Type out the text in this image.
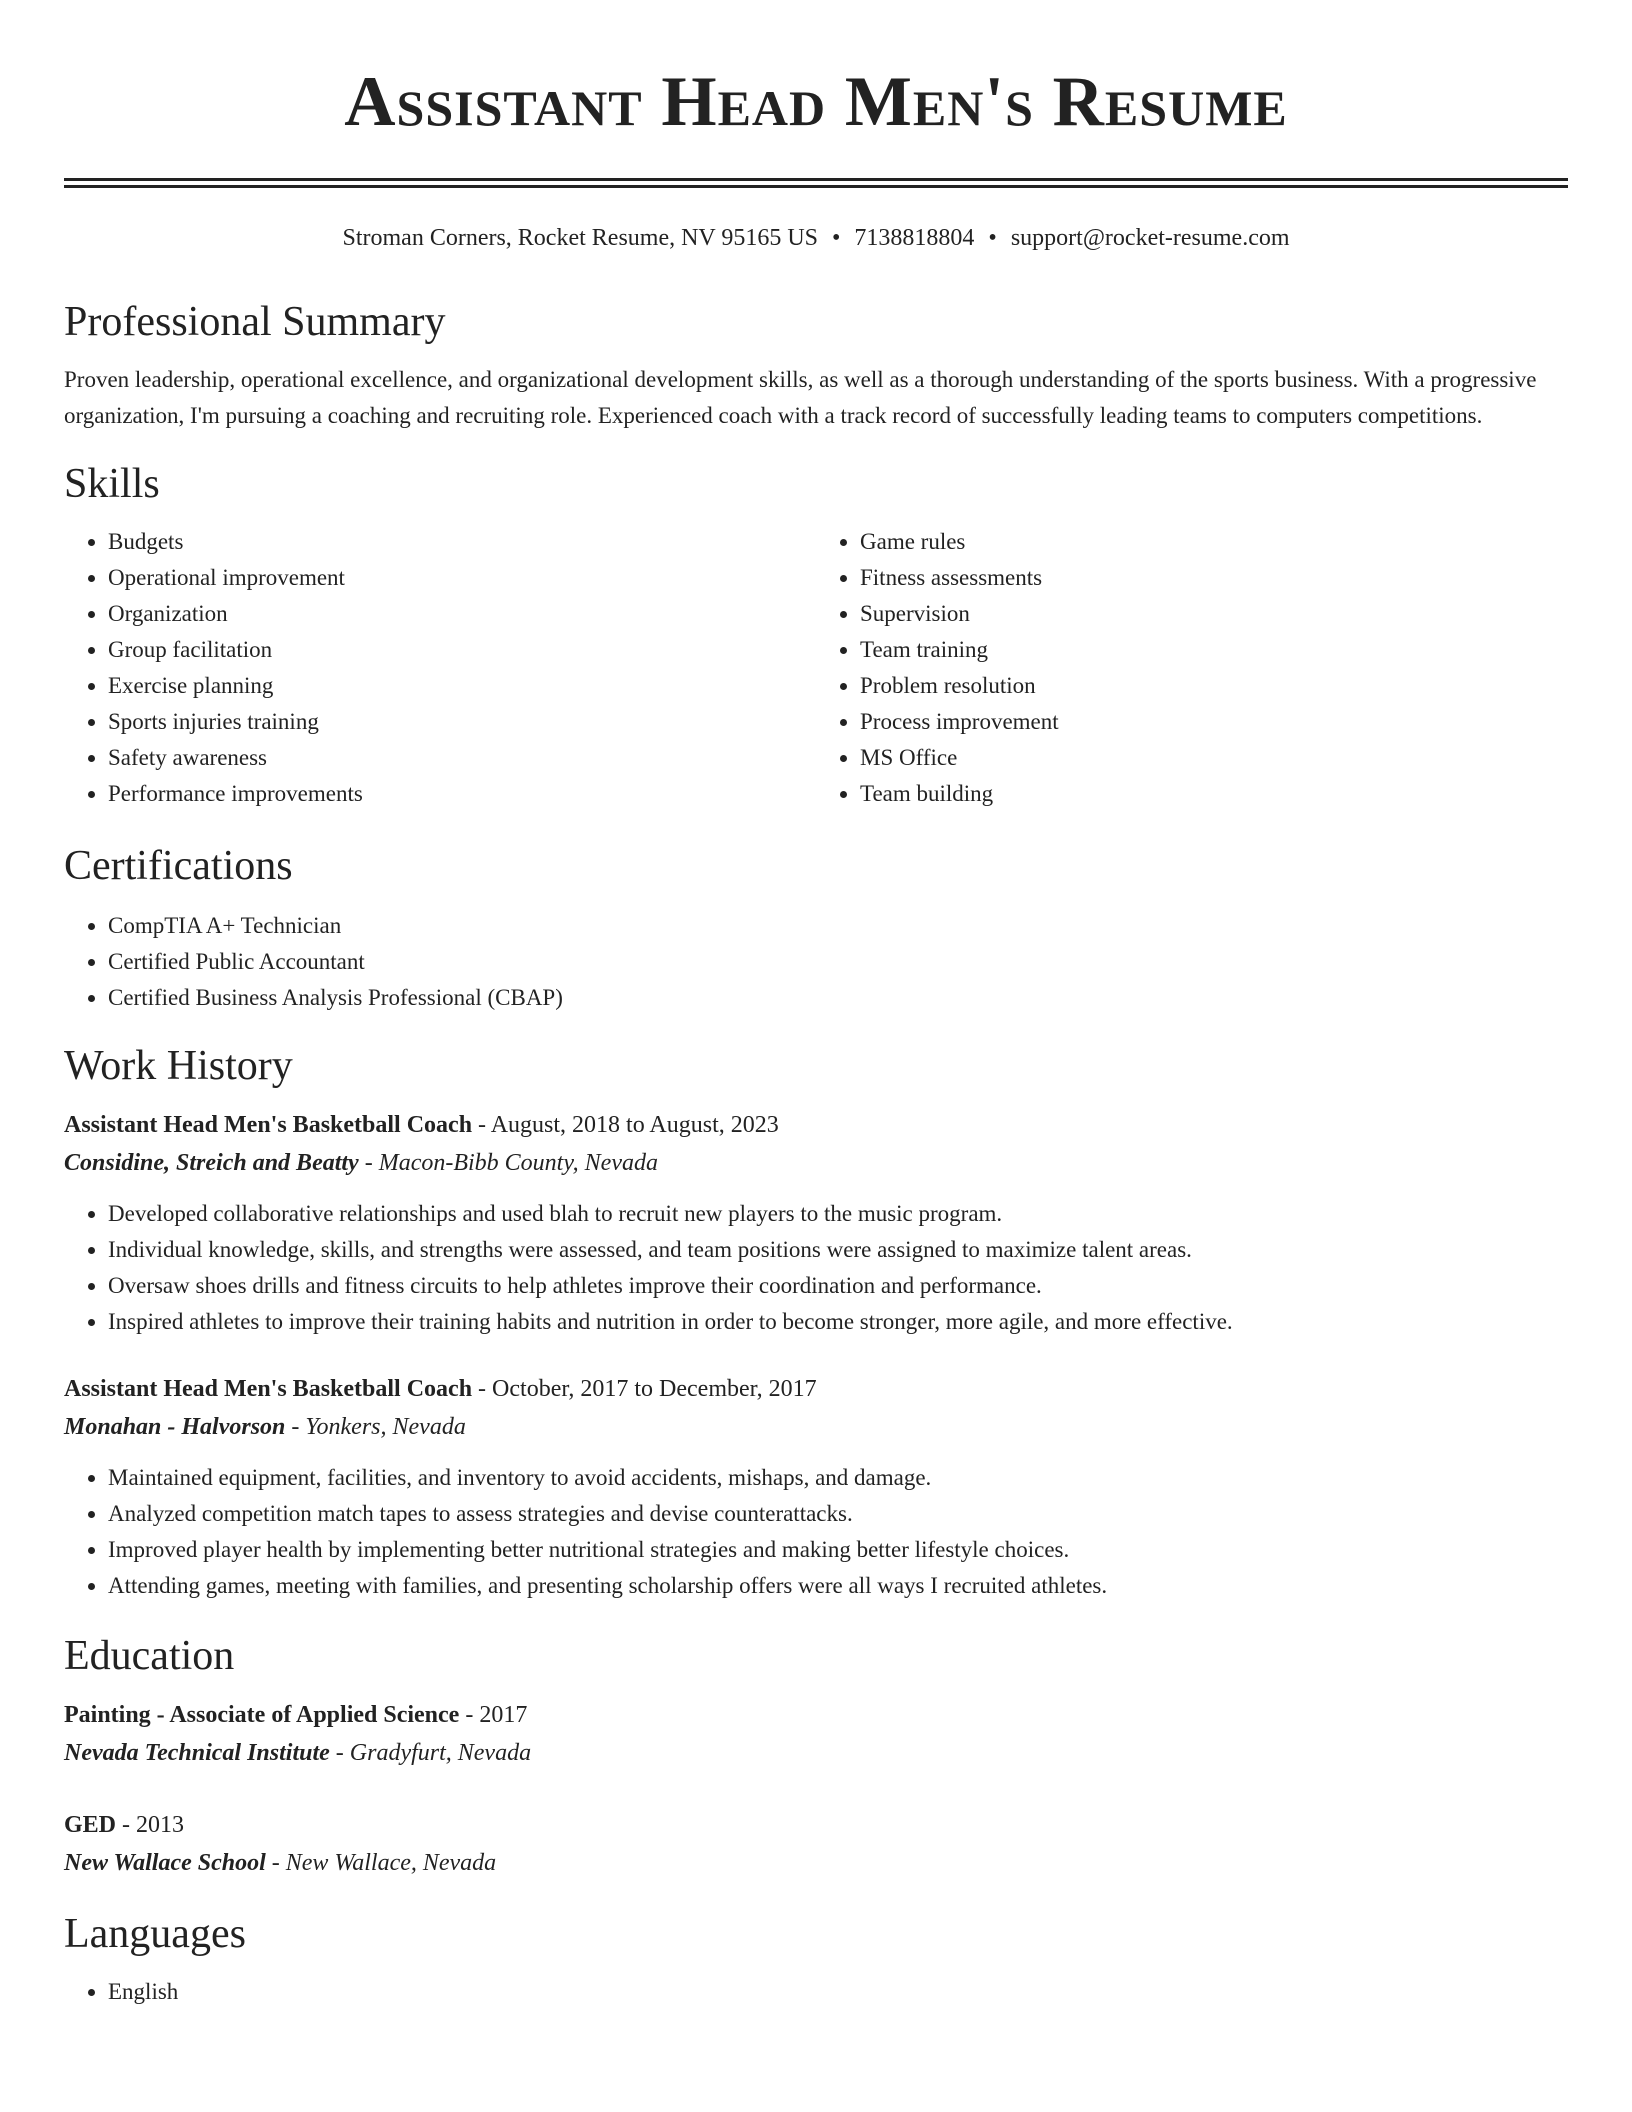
Assistant Head Men's Resume
Stroman Corners, Rocket Resume, NV 95165 US • 7138818804 • support@rocket-resume.com
Professional Summary

Proven leadership, operational excellence, and organizational development skills, as well as a thorough understanding of the sports business. With a progressive organization, I'm pursuing a coaching and recruiting role. Experienced coach with a track record of successfully leading teams to computers competitions.

Skills
• Budgets
• Operational improvement
• Organization
• Group facilitation
• Exercise planning
• Sports injuries training
• Safety awareness
• Performance improvements
• Game rules
• Fitness assessments
• Supervision
• Team training
• Problem resolution
• Process improvement
• MS Office
• Team building
Certifications
• CompTIA A+ Technician
• Certified Public Accountant
• Certified Business Analysis Professional (CBAP)
Work History

Assistant Head Men's Basketball Coach - August, 2018 to August, 2023

Considine, Streich and Beatty - Macon-Bibb County, Nevada

• Developed collaborative relationships and used blah to recruit new players to the music program.
• Individual knowledge, skills, and strengths were assessed, and team positions were assigned to maximize talent areas.
• Oversaw shoes drills and fitness circuits to help athletes improve their coordination and performance.
• Inspired athletes to improve their training habits and nutrition in order to become stronger, more agile, and more effective.

Assistant Head Men's Basketball Coach - October, 2017 to December, 2017

Monahan - Halvorson - Yonkers, Nevada

• Maintained equipment, facilities, and inventory to avoid accidents, mishaps, and damage.
• Analyzed competition match tapes to assess strategies and devise counterattacks.
• Improved player health by implementing better nutritional strategies and making better lifestyle choices.
• Attending games, meeting with families, and presenting scholarship offers were all ways I recruited athletes.
Education

Painting - Associate of Applied Science - 2017

Nevada Technical Institute - Gradyfurt, Nevada

GED - 2013

New Wallace School - New Wallace, Nevada

Languages
• English
